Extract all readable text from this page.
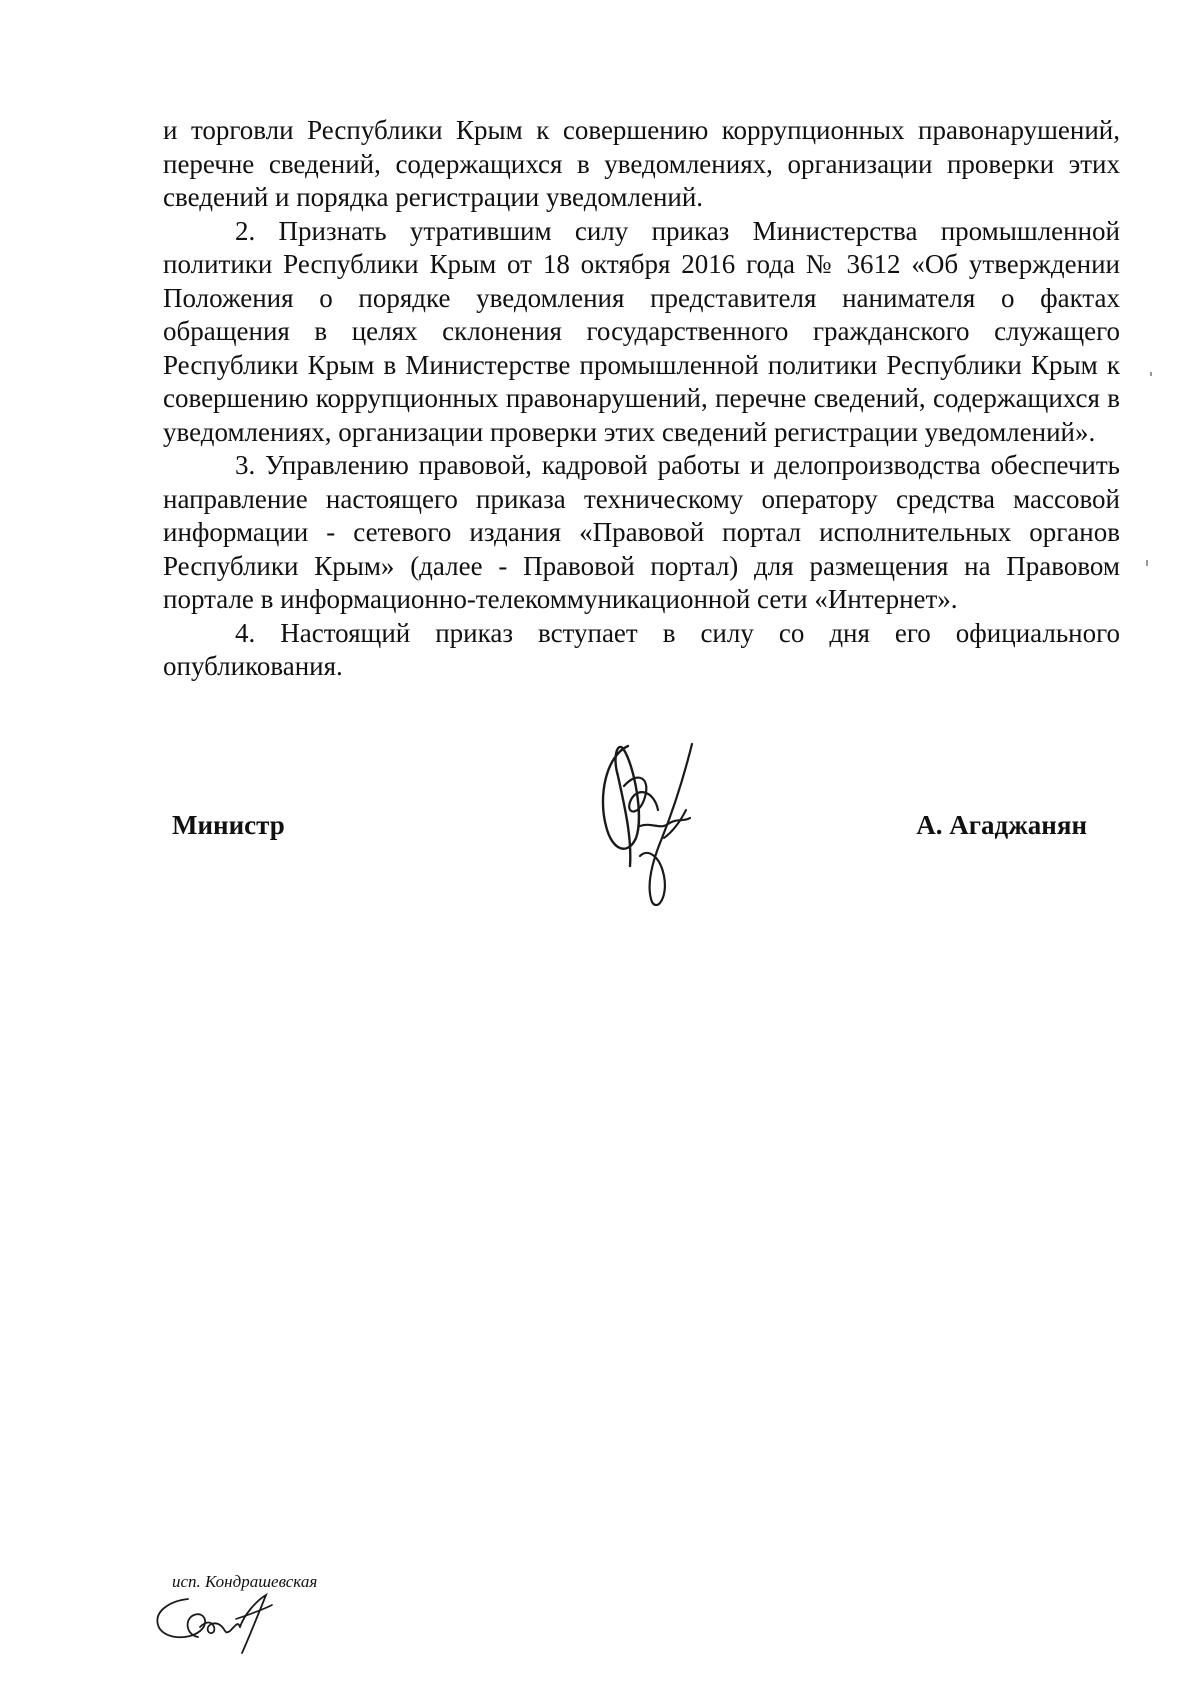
и торговли Республики Крым к совершению коррупционных правонарушений, перечне сведений, содержащихся в уведомлениях, организации проверки этих сведений и порядка регистрации уведомлений.

2. Признать утратившим силу приказ Министерства промышленной политики Республики Крым от 18 октября 2016 года № 3612 «Об утверждении Положения о порядке уведомления представителя нанимателя о фактах обращения в целях склонения государственного гражданского служащего Республики Крым в Министерстве промышленной политики Республики Крым к совершению коррупционных правонарушений, перечне сведений, содержащихся в уведомлениях, организации проверки этих сведений регистрации уведомлений».

3. Управлению правовой, кадровой работы и делопроизводства обеспечить направление настоящего приказа техническому оператору средства массовой информации - сетевого издания «Правовой портал исполнительных органов Республики Крым» (далее - Правовой портал) для размещения на Правовом портале в информационно-телекоммуникационной сети «Интернет».

4. Настоящий приказ вступает в силу со дня его официального опубликования.

Министр	А. Агаджанян
исп. Кондрашевская
